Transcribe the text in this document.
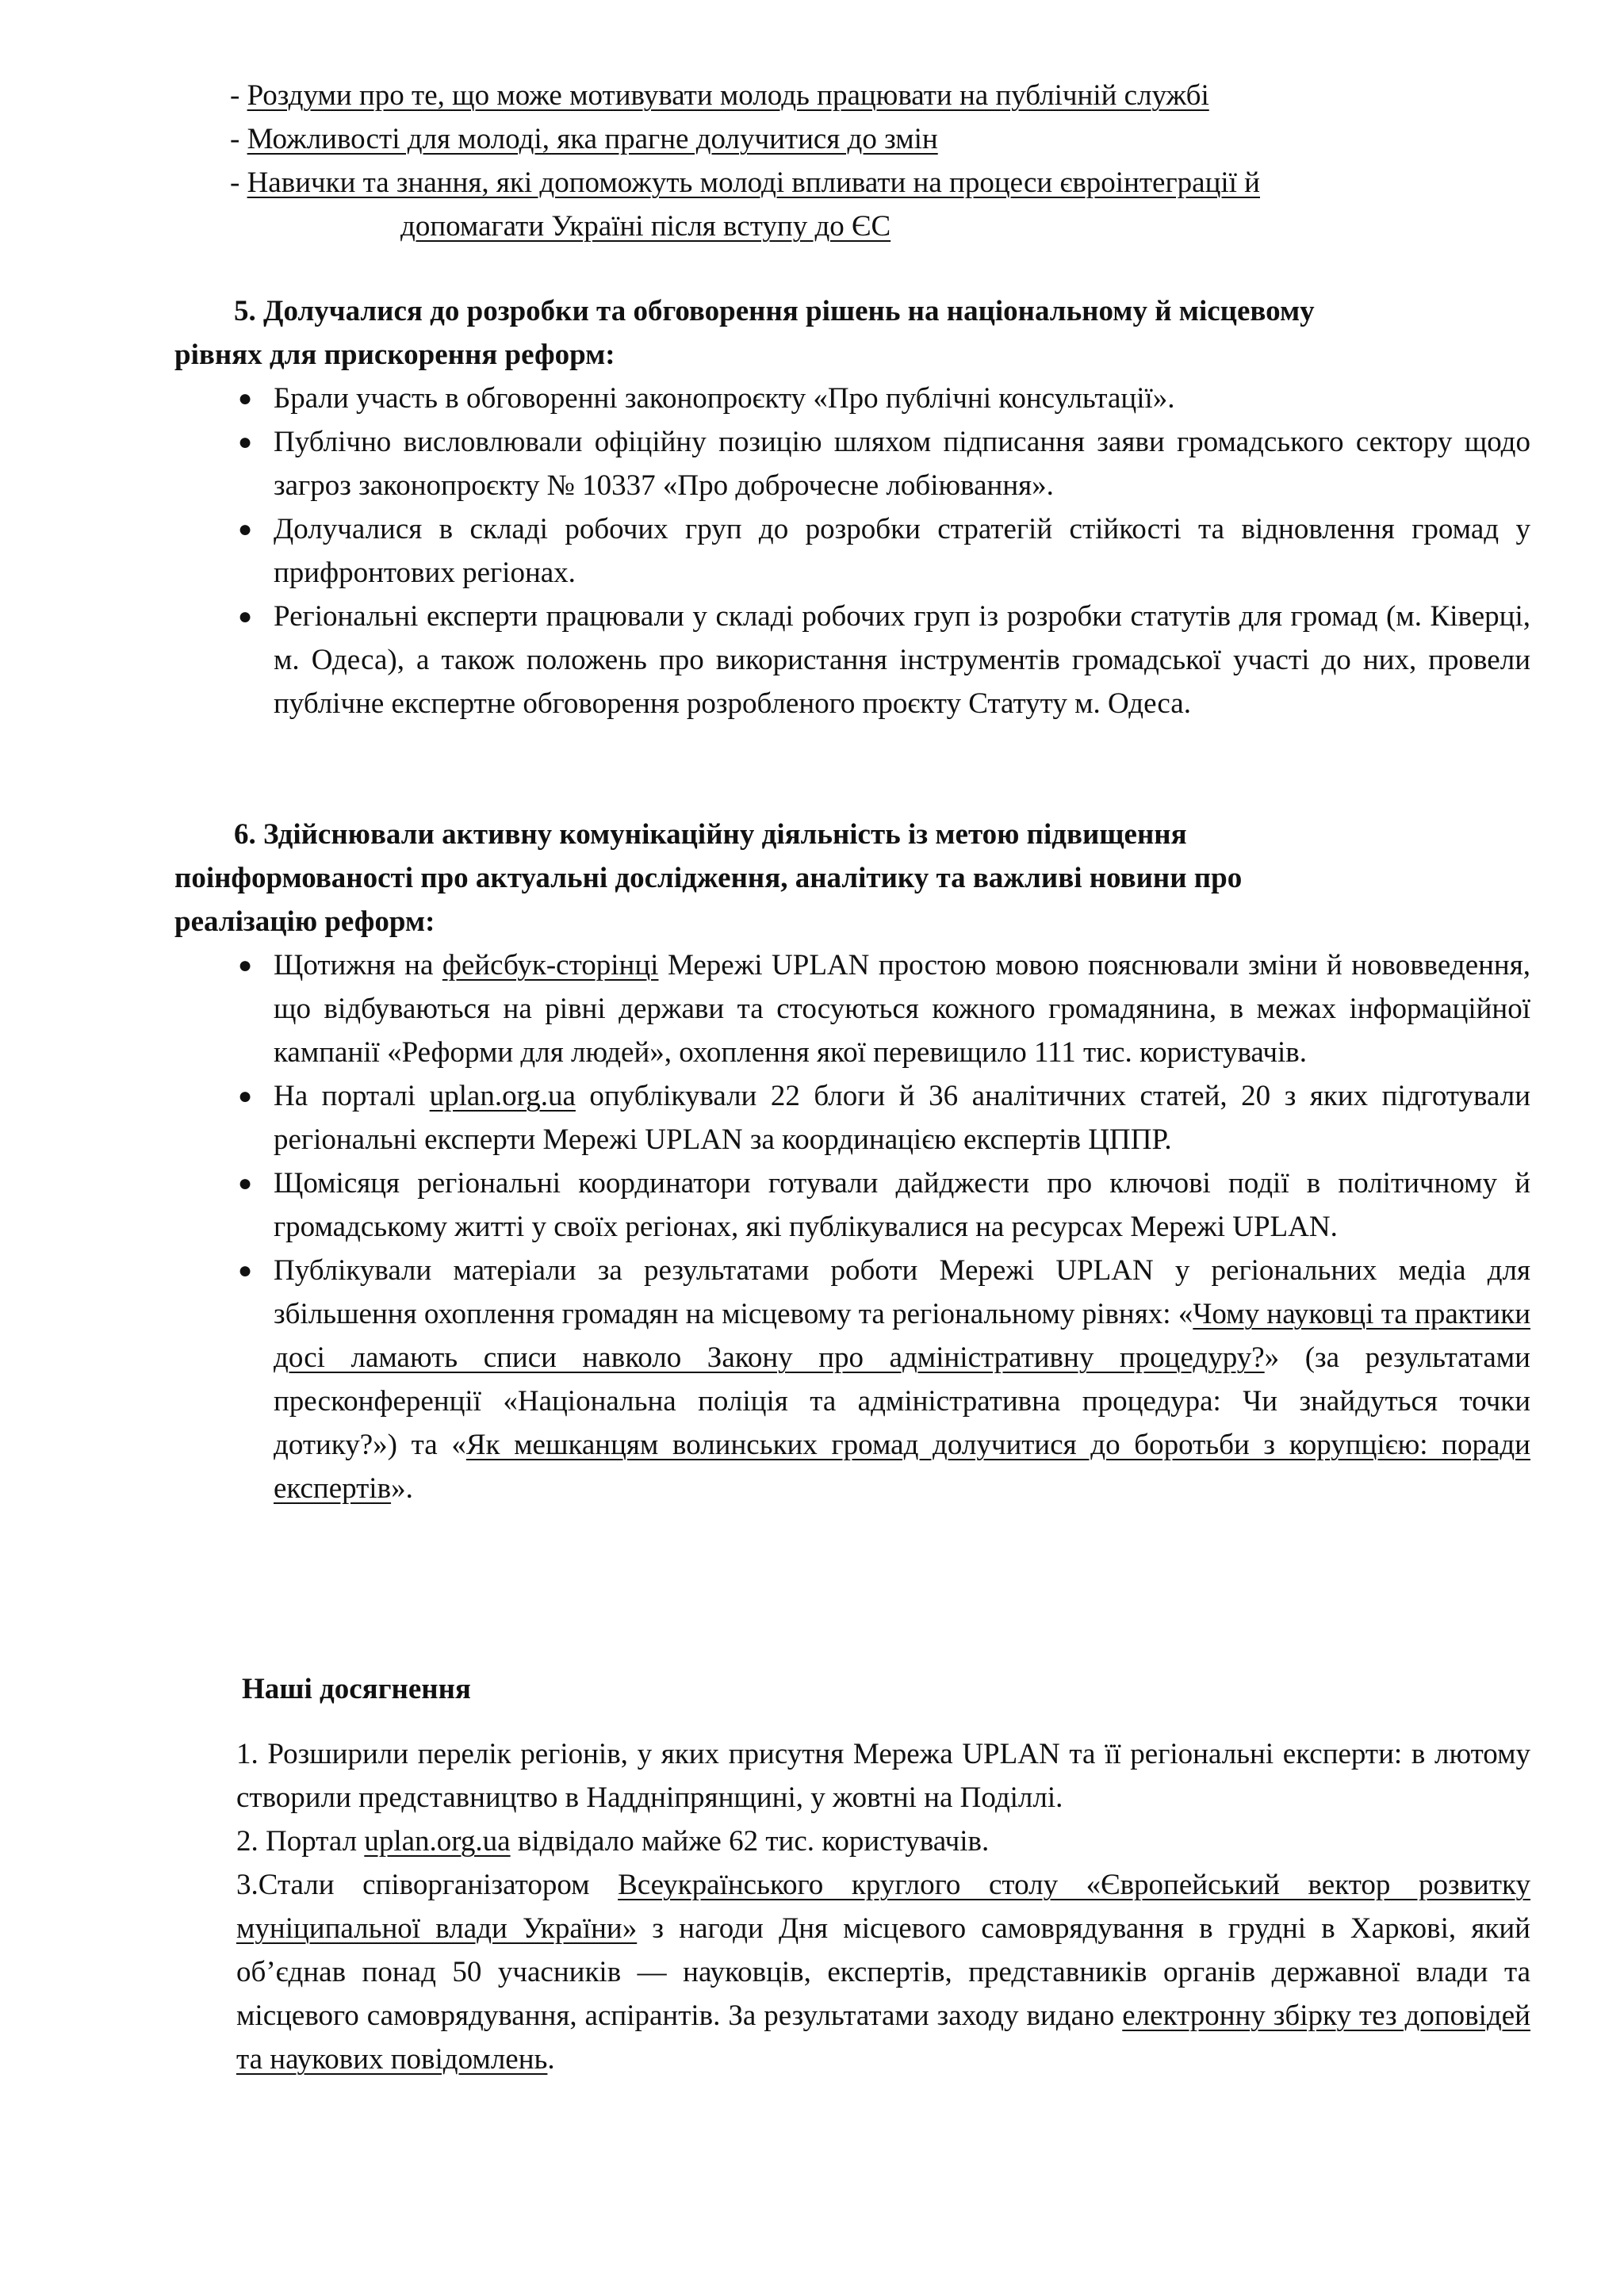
- Роздуми про те, що може мотивувати молодь працювати на публічній службі
- Можливості для молоді, яка прагне долучитися до змін
- Навички та знання, які допоможуть молоді впливати на процеси євроінтеграції й
допомагати Україні після вступу до ЄС
5. Долучалися до розробки та обговорення рішень на національному й місцевому
рівнях для прискорення реформ:
● Брали участь в обговоренні законопроєкту «Про публічні консультації».
● Публічно висловлювали офіційну позицію шляхом підписання заяви громадського сектору щодо загроз законопроєкту № 10337 «Про доброчесне лобіювання».
● Долучалися в складі робочих груп до розробки стратегій стійкості та відновлення громад у прифронтових регіонах.
● Регіональні експерти працювали у складі робочих груп із розробки статутів для громад (м. Ківерці, м. Одеса), а також положень про використання інструментів громадської участі до них, провели публічне експертне обговорення розробленого проєкту Статуту м. Одеса.
6. Здійснювали активну комунікаційну діяльність із метою підвищення
поінформованості про актуальні дослідження, аналітику та важливі новини про
реалізацію реформ:
● Щотижня на фейсбук-сторінці Мережі UPLAN простою мовою пояснювали зміни й нововведення, що відбуваються на рівні держави та стосуються кожного громадянина, в межах інформаційної кампанії «Реформи для людей», охоплення якої перевищило 111 тис. користувачів.
● На порталі uplan.org.ua опублікували 22 блоги й 36 аналітичних статей, 20 з яких підготували регіональні експерти Мережі UPLAN за координацією експертів ЦППР.
● Щомісяця регіональні координатори готували дайджести про ключові події в політичному й громадському житті у своїх регіонах, які публікувалися на ресурсах Мережі UPLAN.
● Публікували матеріали за результатами роботи Мережі UPLAN у регіональних медіа для збільшення охоплення громадян на місцевому та регіональному рівнях: «Чому науковці та практики досі ламають списи навколо Закону про адміністративну процедуру?» (за результатами пресконференції «Національна поліція та адміністративна процедура: Чи знайдуться точки дотику?») та «Як мешканцям волинських громад долучитися до боротьби з корупцією: поради експертів».
Наші досягнення
1. Розширили перелік регіонів, у яких присутня Мережа UPLAN та її регіональні експерти: в лютому створили представництво в Наддніпрянщині, у жовтні на Поділлі.
2. Портал uplan.org.ua відвідало майже 62 тис. користувачів.
3.Стали співорганізатором Всеукраїнського круглого столу «Європейський вектор розвитку муніципальної влади України» з нагоди Дня місцевого самоврядування в грудні в Харкові, який об’єднав понад 50 учасників — науковців, експертів, представників органів державної влади та місцевого самоврядування, аспірантів. За результатами заходу видано електронну збірку тез доповідей та наукових повідомлень.
